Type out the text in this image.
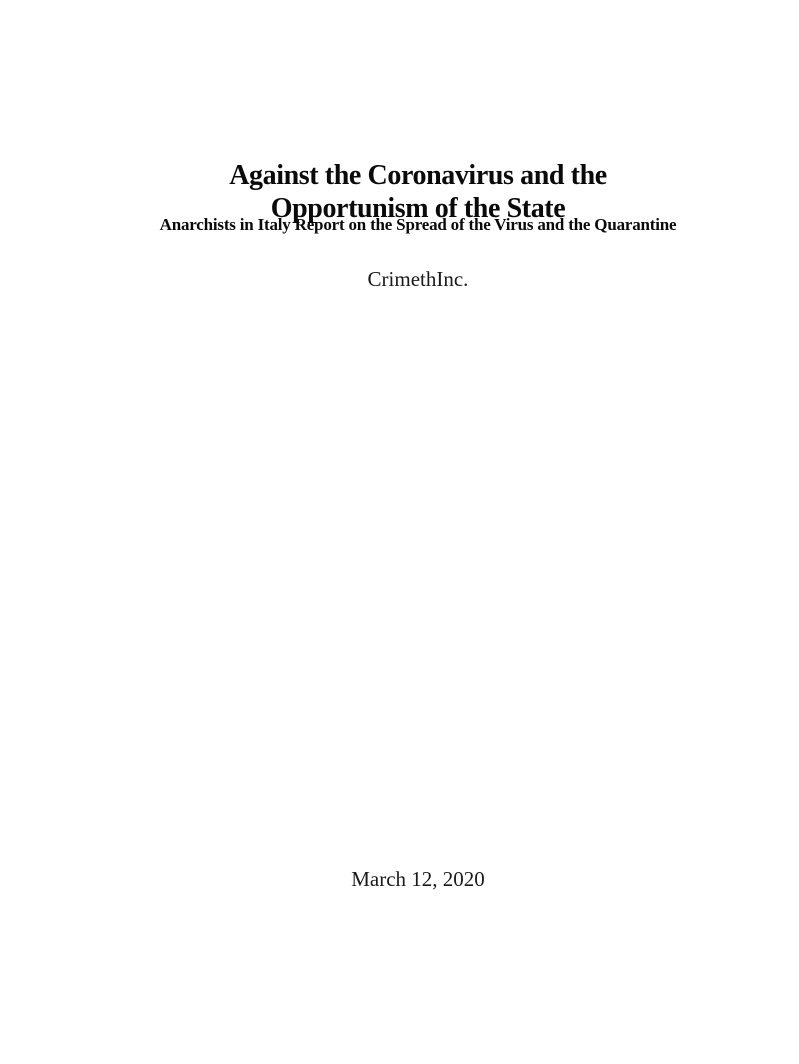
Against the Coronavirus and the
Opportunism of the State
Anarchists in Italy Report on the Spread of the Virus and the Quarantine
CrimethInc.
March 12, 2020
